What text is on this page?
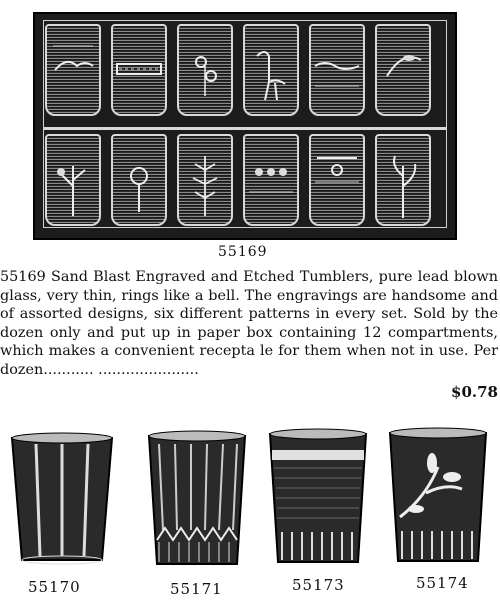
55169

55169 Sand Blast Engraved and Etched Tumblers, pure lead blown glass, very thin, rings like a bell. The engravings are handsome and of assorted designs, six different patterns in every set. Sold by the dozen only and put up in paper box containing 12 compartments, which makes a convenient recepta le for them when not in use. Per dozen........... ......................

$0.78
55170	55171	55173	55174
